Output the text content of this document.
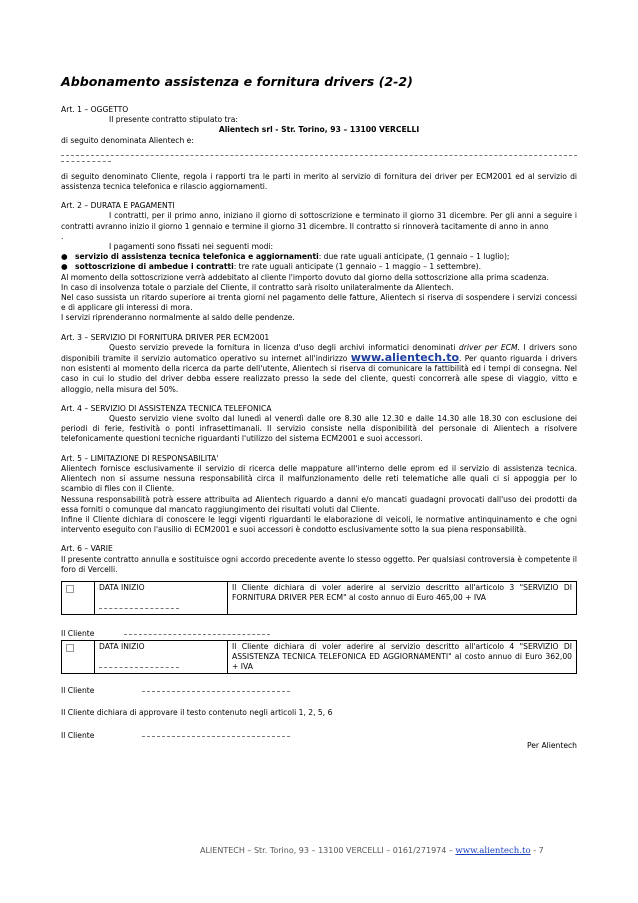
Abbonamento assistenza e fornitura drivers (2-2)

Art. 1 – OGGETTO

Il presente contratto stipulato tra:

Alientech srl - Str. Torino, 93 – 13100 VERCELLI

di seguito denominata Alientech e:

di seguito denominato Cliente, regola i rapporti tra le parti in merito al servizio di fornitura dei driver per ECM2001 ed al servizio di assistenza tecnica telefonica e rilascio aggiornamenti.

Art. 2 – DURATA E PAGAMENTI

I contratti, per il primo anno, iniziano il giorno di sottoscrizione e terminato il giorno 31 dicembre. Per gli anni a seguire i contratti avranno inizio il giorno 1 gennaio e termine il giorno 31 dicembre. Il contratto si rinnoverà tacitamente di anno in anno

.

I pagamenti sono fissati nei seguenti modi:

● servizio di assistenza tecnica telefonica e aggiornamenti: due rate uguali anticipate, (1 gennaio – 1 luglio);
● sottoscrizione di ambedue i contratti: tre rate uguali anticipate (1 gennaio – 1 maggio – 1 settembre).

Al momento della sottoscrizione verrà addebitato al cliente l'importo dovuto dal giorno della sottoscrizione alla prima scadenza.

In caso di insolvenza totale o parziale del Cliente, il contratto sarà risolto unilateralmente da Alientech.

Nel caso sussista un ritardo superiore ai trenta giorni nel pagamento delle fatture, Alientech si riserva di sospendere i servizi concessi e di applicare gli interessi di mora.

I servizi riprenderanno normalmente al saldo delle pendenze.

Art. 3 – SERVIZIO DI FORNITURA DRIVER PER ECM2001

Questo servizio prevede la fornitura in licenza d'uso degli archivi informatici denominati driver per ECM. I drivers sono disponibili tramite il servizio automatico operativo su internet all'indirizzo www.alientech.to. Per quanto riguarda i drivers non esistenti al momento della ricerca da parte dell'utente, Alientech si riserva di comunicare la fattibilità ed i tempi di consegna. Nel caso in cui lo studio del driver debba essere realizzato presso la sede del cliente, questi concorrerà alle spese di viaggio, vitto e alloggio, nella misura del 50%.

Art. 4 – SERVIZIO DI ASSISTENZA TECNICA TELEFONICA

Questo servizio viene svolto dal lunedì al venerdì dalle ore 8.30 alle 12.30 e dalle 14.30 alle 18.30 con esclusione dei periodi di ferie, festività o ponti infrasettimanali. Il servizio consiste nella disponibilità del personale di Alientech a risolvere telefonicamente questioni tecniche riguardanti l'utilizzo del sistema ECM2001 e suoi accessori.

Art. 5 – LIMITAZIONE DI RESPONSABILITA'

Alientech fornisce esclusivamente il servizio di ricerca delle mappature all'interno delle eprom ed il servizio di assistenza tecnica. Alientech non si assume nessuna responsabilità circa il malfunzionamento delle reti telematiche alle quali ci si appoggia per lo scambio di files con il Cliente.

Nessuna responsabilità potrà essere attribuita ad Alientech riguardo a danni e/o mancati guadagni provocati dall'uso dei prodotti da essa forniti o comunque dal mancato raggiungimento dei risultati voluti dal Cliente.

Infine il Cliente dichiara di conoscere le leggi vigenti riguardanti le elaborazione di veicoli, le normative antinquinamento e che ogni intervento eseguito con l'ausilio di ECM2001 e suoi accessori è condotto esclusivamente sotto la sua piena responsabilità.

Art. 6 – VARIE

Il presente contratto annulla e sostituisce ogni accordo precedente avente lo stesso oggetto. Per qualsiasi controversia è competente il foro di Vercelli.

DATA INIZIO	Il Cliente dichiara di voler aderire al servizio descritto all'articolo 3 "SERVIZIO DI FORNITURA DRIVER PER ECM" al costo annuo di Euro 465,00 + IVA

Il Cliente

DATA INIZIO	Il Cliente dichiara di voler aderire al servizio descritto all'articolo 4 "SERVIZIO DI ASSISTENZA TECNICA TELEFONICA ED AGGIORNAMENTI" al costo annuo di Euro 362,00 + IVA

Il Cliente

Il Cliente dichiara di approvare il testo contenuto negli articoli 1, 2, 5, 6

Il Cliente

Per Alientech

ALIENTECH – Str. Torino, 93 – 13100 VERCELLI – 0161/271974 – www.alientech.to - 7
